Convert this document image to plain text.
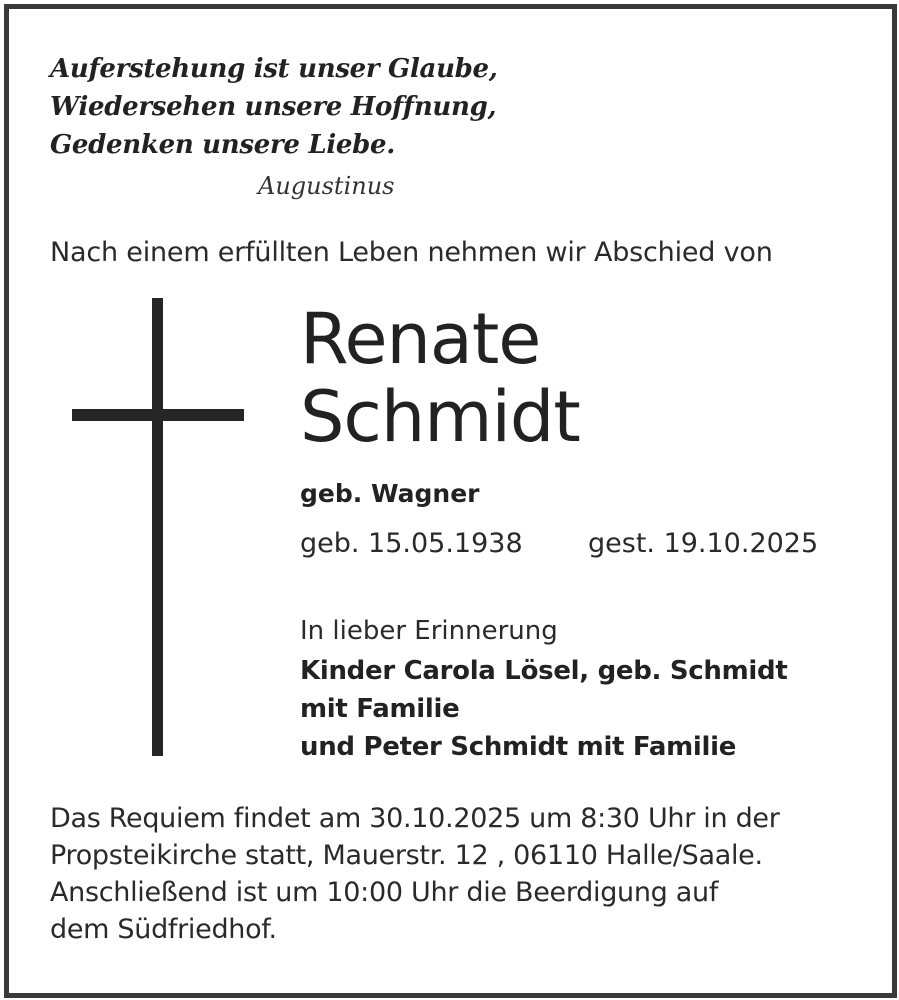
Auferstehung ist unser Glaube,
Wiedersehen unsere Hoffnung,
Gedenken unsere Liebe.
Augustinus
Nach einem erfüllten Leben nehmen wir Abschied von
Renate
Schmidt
geb. Wagner
geb. 15.05.1938 gest. 19.10.2025
In lieber Erinnerung
Kinder Carola Lösel, geb. Schmidt
mit Familie
und Peter Schmidt mit Familie
Das Requiem findet am 30.10.2025 um 8:30 Uhr in der
Propsteikirche statt, Mauerstr. 12 , 06110 Halle/Saale.
Anschließend ist um 10:00 Uhr die Beerdigung auf
dem Südfriedhof.
